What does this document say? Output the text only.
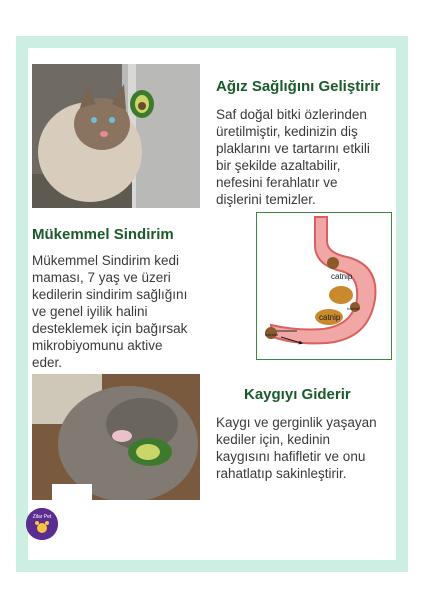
Ağız Sağlığını Geliştirir

Saf doğal bitki özlerinden
üretilmiştir, kedinizin diş
plaklarını ve tartarını etkili
bir şekilde azaltabilir,
nefesini ferahlatır ve
dişlerini temizler.

Mükemmel Sindirim

Mükemmel Sindirim kedi
maması, 7 yaş ve üzeri
kedilerin sindirim sağlığını
ve genel iyilik halini
desteklemek için bağırsak
mikrobiyomunu aktive
eder.

catnip
hairball
catnip
hairball
Kaygıyı Giderir

Kaygı ve gerginlik yaşayan
kediler için, kedinin
kaygısını hafifletir ve onu
rahatlatıp sakinleştirir.

Zilar Pet
